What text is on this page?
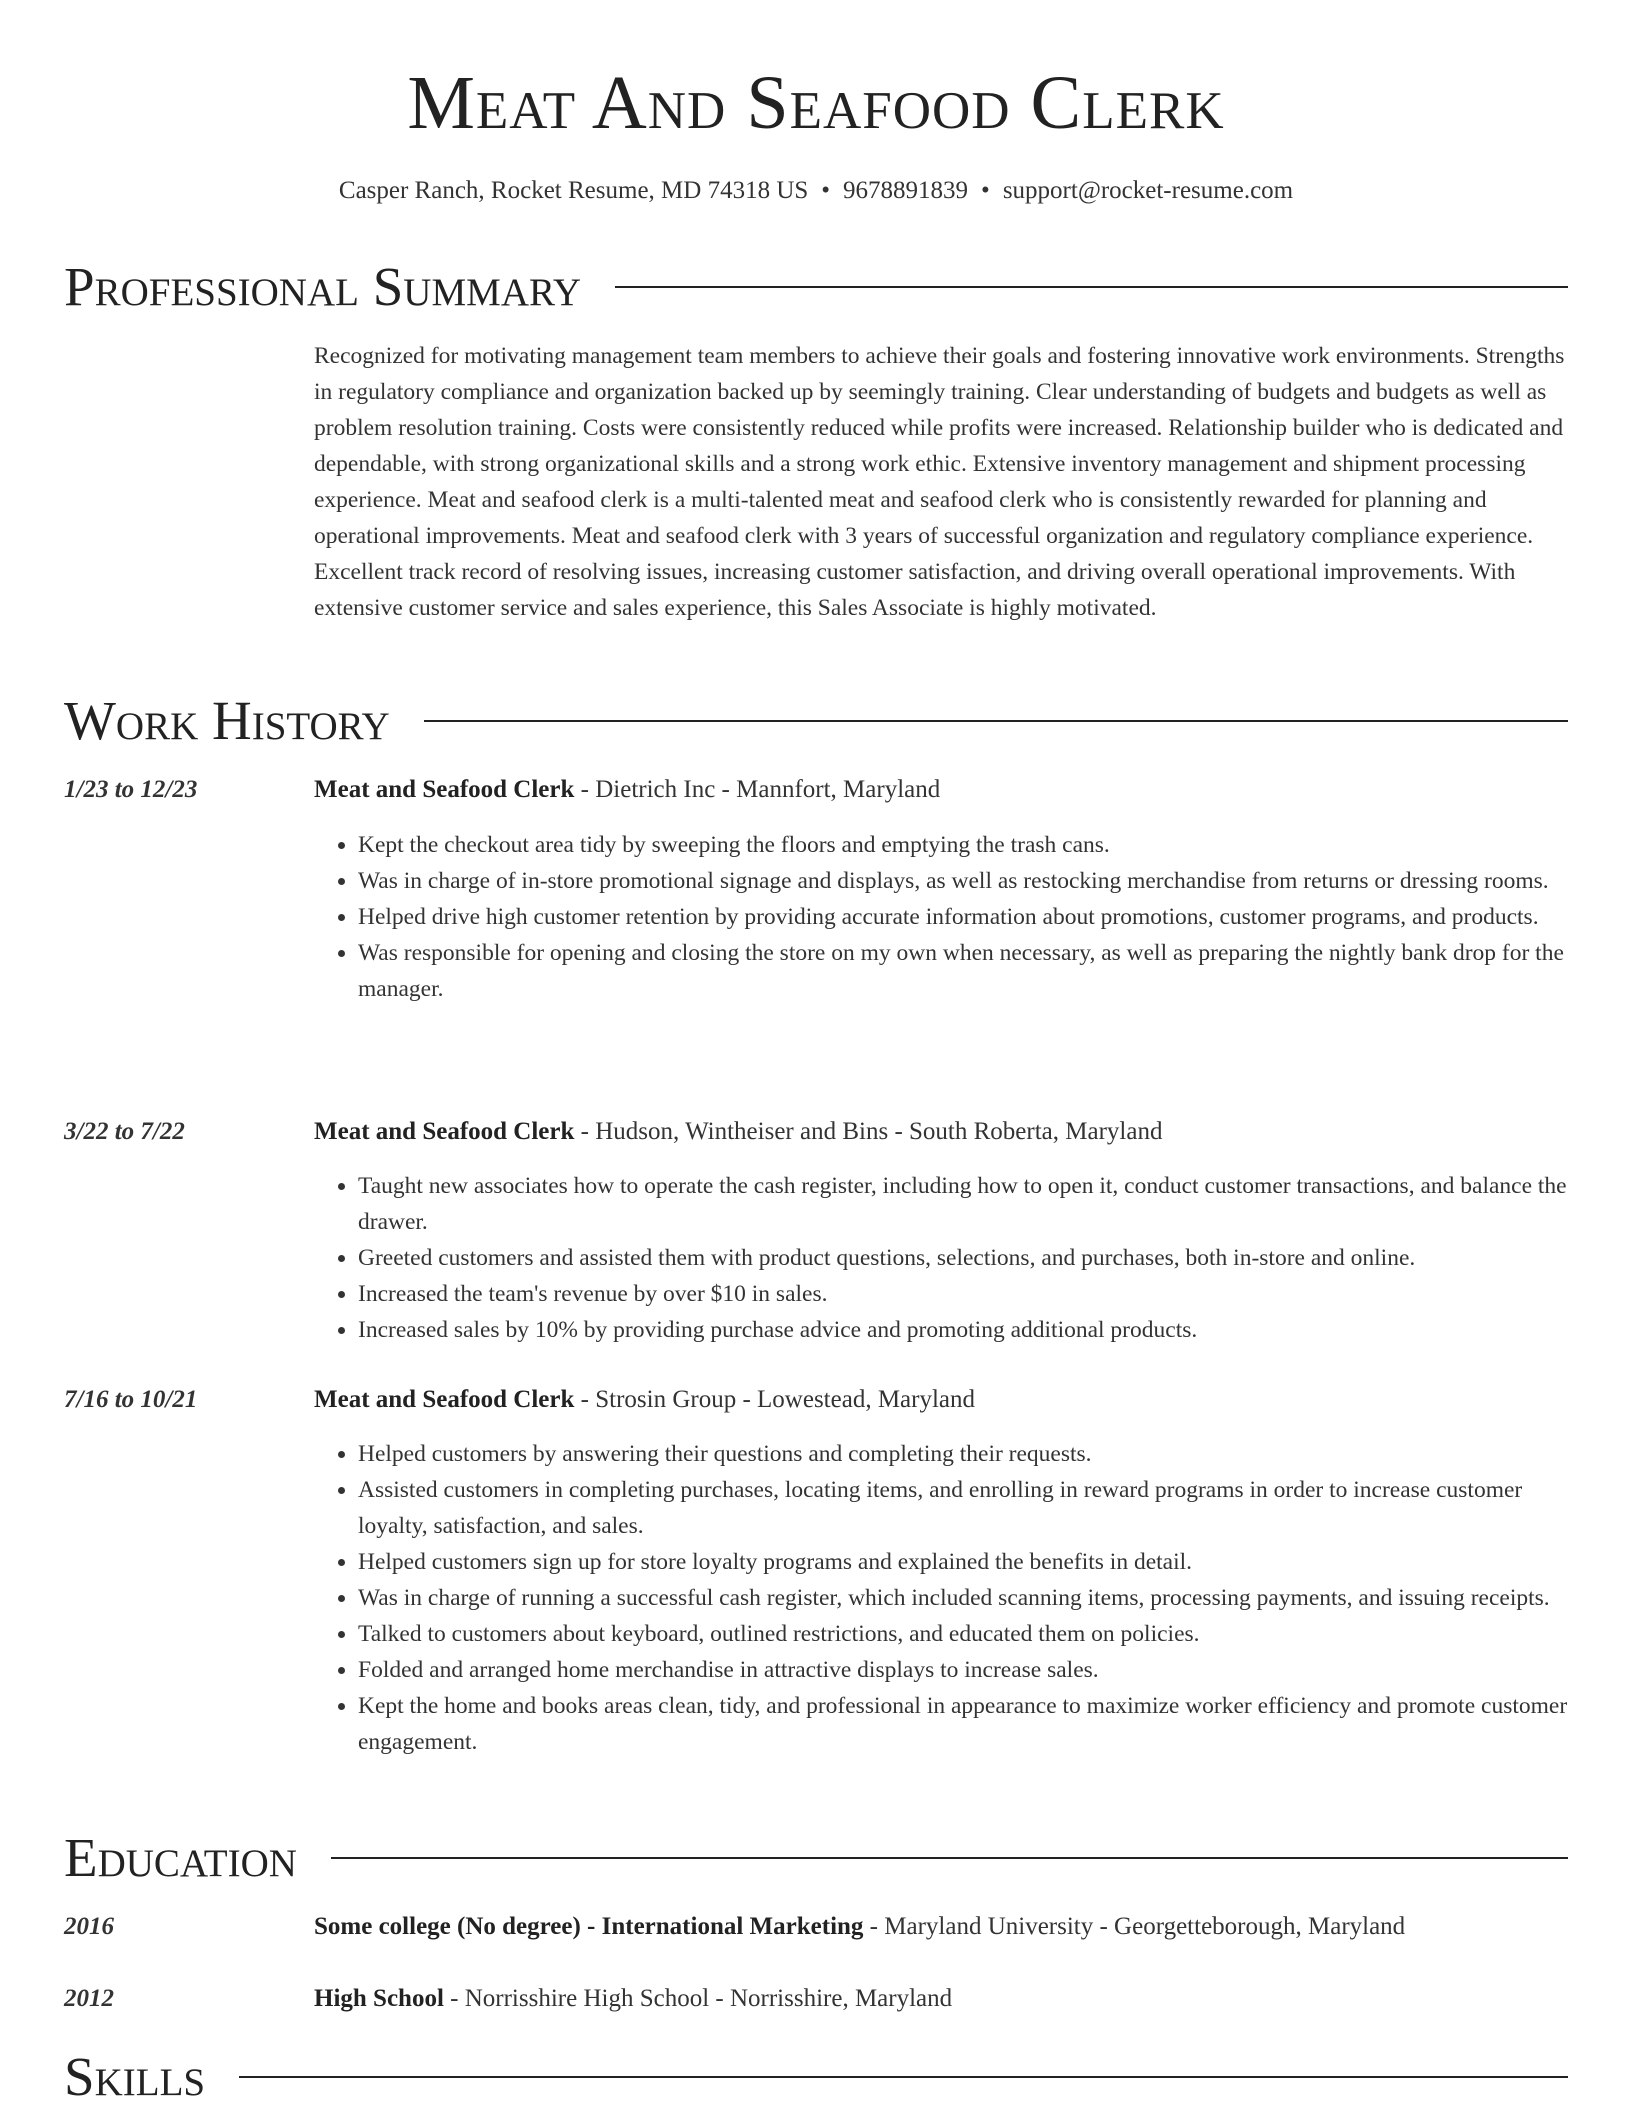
Meat And Seafood Clerk
Casper Ranch, Rocket Resume, MD 74318 US • 9678891839 • support@rocket-resume.com
Professional Summary
Recognized for motivating management team members to achieve their goals and fostering innovative work environments. Strengths in regulatory compliance and organization backed up by seemingly training. Clear understanding of budgets and budgets as well as problem resolution training. Costs were consistently reduced while profits were increased. Relationship builder who is dedicated and dependable, with strong organizational skills and a strong work ethic. Extensive inventory management and shipment processing experience. Meat and seafood clerk is a multi-talented meat and seafood clerk who is consistently rewarded for planning and operational improvements. Meat and seafood clerk with 3 years of successful organization and regulatory compliance experience. Excellent track record of resolving issues, increasing customer satisfaction, and driving overall operational improvements. With extensive customer service and sales experience, this Sales Associate is highly motivated.
Work History
1/23 to 12/23	Meat and Seafood Clerk - Dietrich Inc - Mannfort, Maryland
• Kept the checkout area tidy by sweeping the floors and emptying the trash cans.
• Was in charge of in-store promotional signage and displays, as well as restocking merchandise from returns or dressing rooms.
• Helped drive high customer retention by providing accurate information about promotions, customer programs, and products.
• Was responsible for opening and closing the store on my own when necessary, as well as preparing the nightly bank drop for the manager.
3/22 to 7/22	Meat and Seafood Clerk - Hudson, Wintheiser and Bins - South Roberta, Maryland
• Taught new associates how to operate the cash register, including how to open it, conduct customer transactions, and balance the drawer.
• Greeted customers and assisted them with product questions, selections, and purchases, both in-store and online.
• Increased the team's revenue by over $10 in sales.
• Increased sales by 10% by providing purchase advice and promoting additional products.
7/16 to 10/21	Meat and Seafood Clerk - Strosin Group - Lowestead, Maryland
• Helped customers by answering their questions and completing their requests.
• Assisted customers in completing purchases, locating items, and enrolling in reward programs in order to increase customer loyalty, satisfaction, and sales.
• Helped customers sign up for store loyalty programs and explained the benefits in detail.
• Was in charge of running a successful cash register, which included scanning items, processing payments, and issuing receipts.
• Talked to customers about keyboard, outlined restrictions, and educated them on policies.
• Folded and arranged home merchandise in attractive displays to increase sales.
• Kept the home and books areas clean, tidy, and professional in appearance to maximize worker efficiency and promote customer engagement.
Education
2016	Some college (No degree) - International Marketing - Maryland University - Georgetteborough, Maryland
2012	High School - Norrisshire High School - Norrisshire, Maryland
Skills
